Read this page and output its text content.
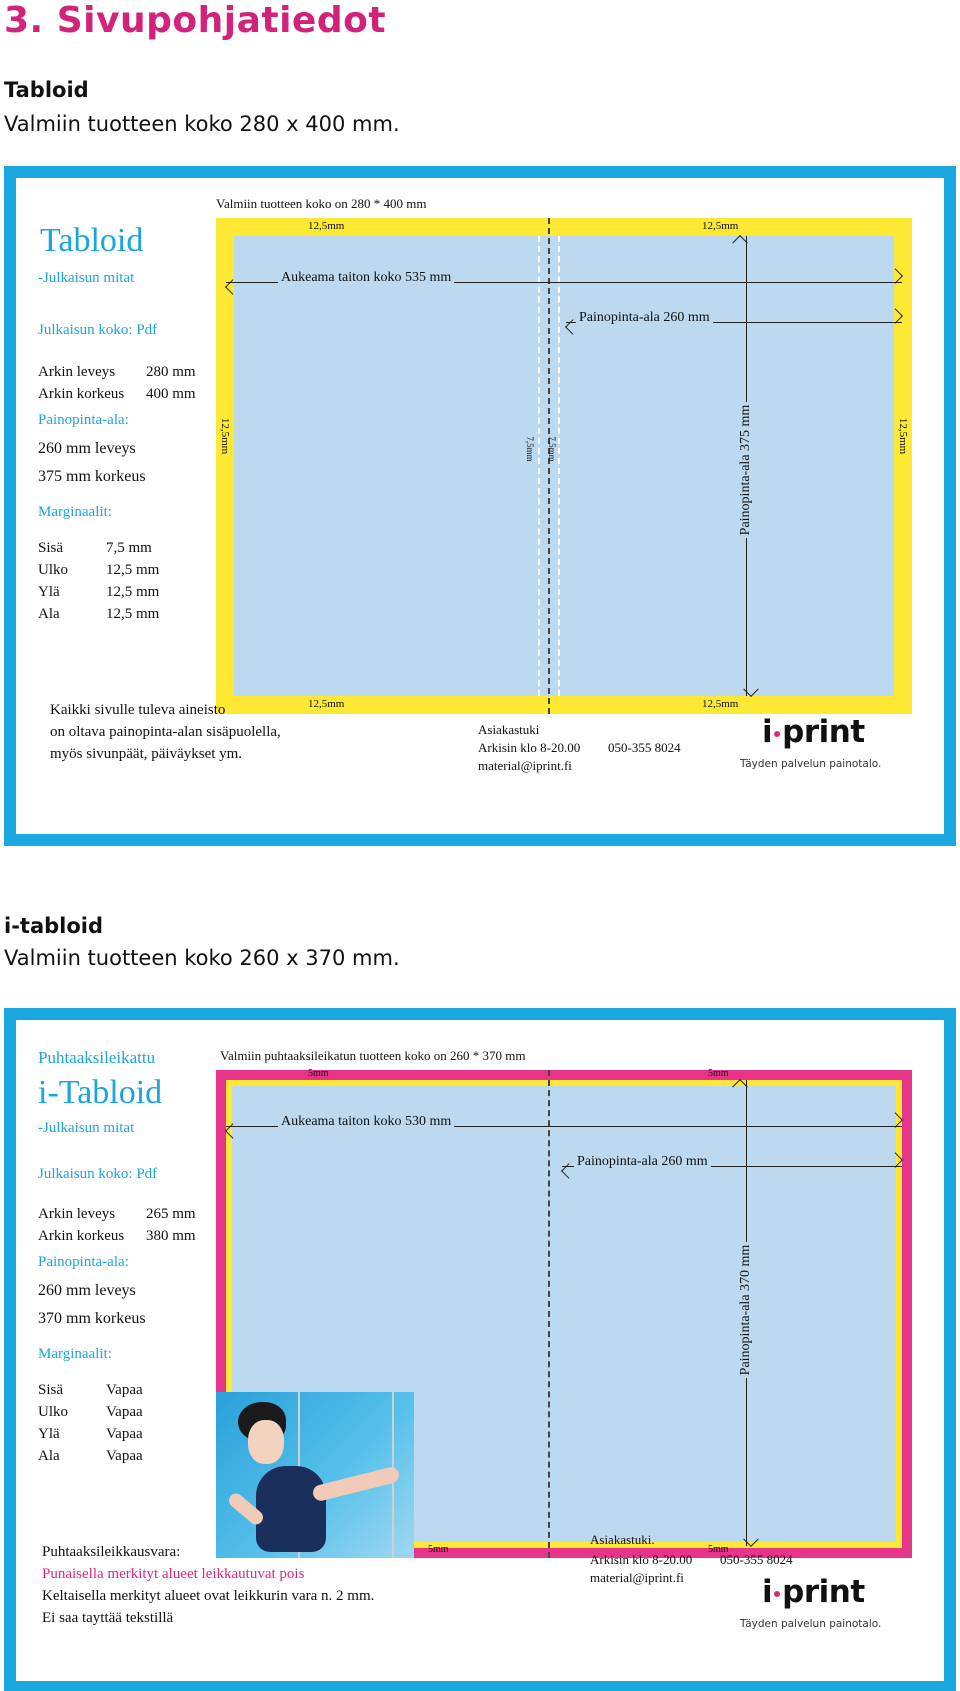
3. Sivupohjatiedot
Tabloid
Valmiin tuotteen koko 280 x 400 mm.
Valmiin tuotteen koko on 280 * 400 mm
Tabloid
-Julkaisun mitat
Julkaisun koko: Pdf
Arkin leveys 280 mm
Arkin korkeus 400 mm
Painopinta-ala:
260 mm leveys
375 mm korkeus
Marginaalit:
Sisä	7,5 mm
Ulko	12,5 mm
Ylä	12,5 mm
Ala	12,5 mm
12,5mm	12,5mm
12,5mm	12,5mm
12,5mm	12,5mm
7,5mm 7,5mm
Aukeama taiton koko 535 mm
Painopinta-ala 260 mm
Painopinta-ala 375 mm
Kaikki sivulle tuleva aineisto
on oltava painopinta-alan sisäpuolella,
myös sivunpäät, päiväykset ym.
Asiakastuki
Arkisin klo 8-20.00 050-355 8024
material@iprint.fi
i print
Täyden palvelun painotalo.
i-tabloid
Valmiin tuotteen koko 260 x 370 mm.
Valmiin puhtaaksileikatun tuotteen koko on 260 * 370 mm
Puhtaaksileikattu
i-Tabloid
-Julkaisun mitat
Julkaisun koko: Pdf
Arkin leveys 265 mm
Arkin korkeus 380 mm
Painopinta-ala:
260 mm leveys
370 mm korkeus
Marginaalit:
Sisä	Vapaa
Ulko	Vapaa
Ylä	Vapaa
Ala	Vapaa
5mm	5mm
5mm	5mm
Aukeama taiton koko 530 mm
Painopinta-ala 260 mm
Painopinta-ala 370 mm
Puhtaaksileikkausvara:
Punaisella merkityt alueet leikkautuvat pois
Keltaisella merkityt alueet ovat leikkurin vara n. 2 mm.
Ei saa tayttää tekstillä
Asiakastuki.
Arkisin klo 8-20.00 050-355 8024
material@iprint.fi	i print
Täyden palvelun painotalo.
